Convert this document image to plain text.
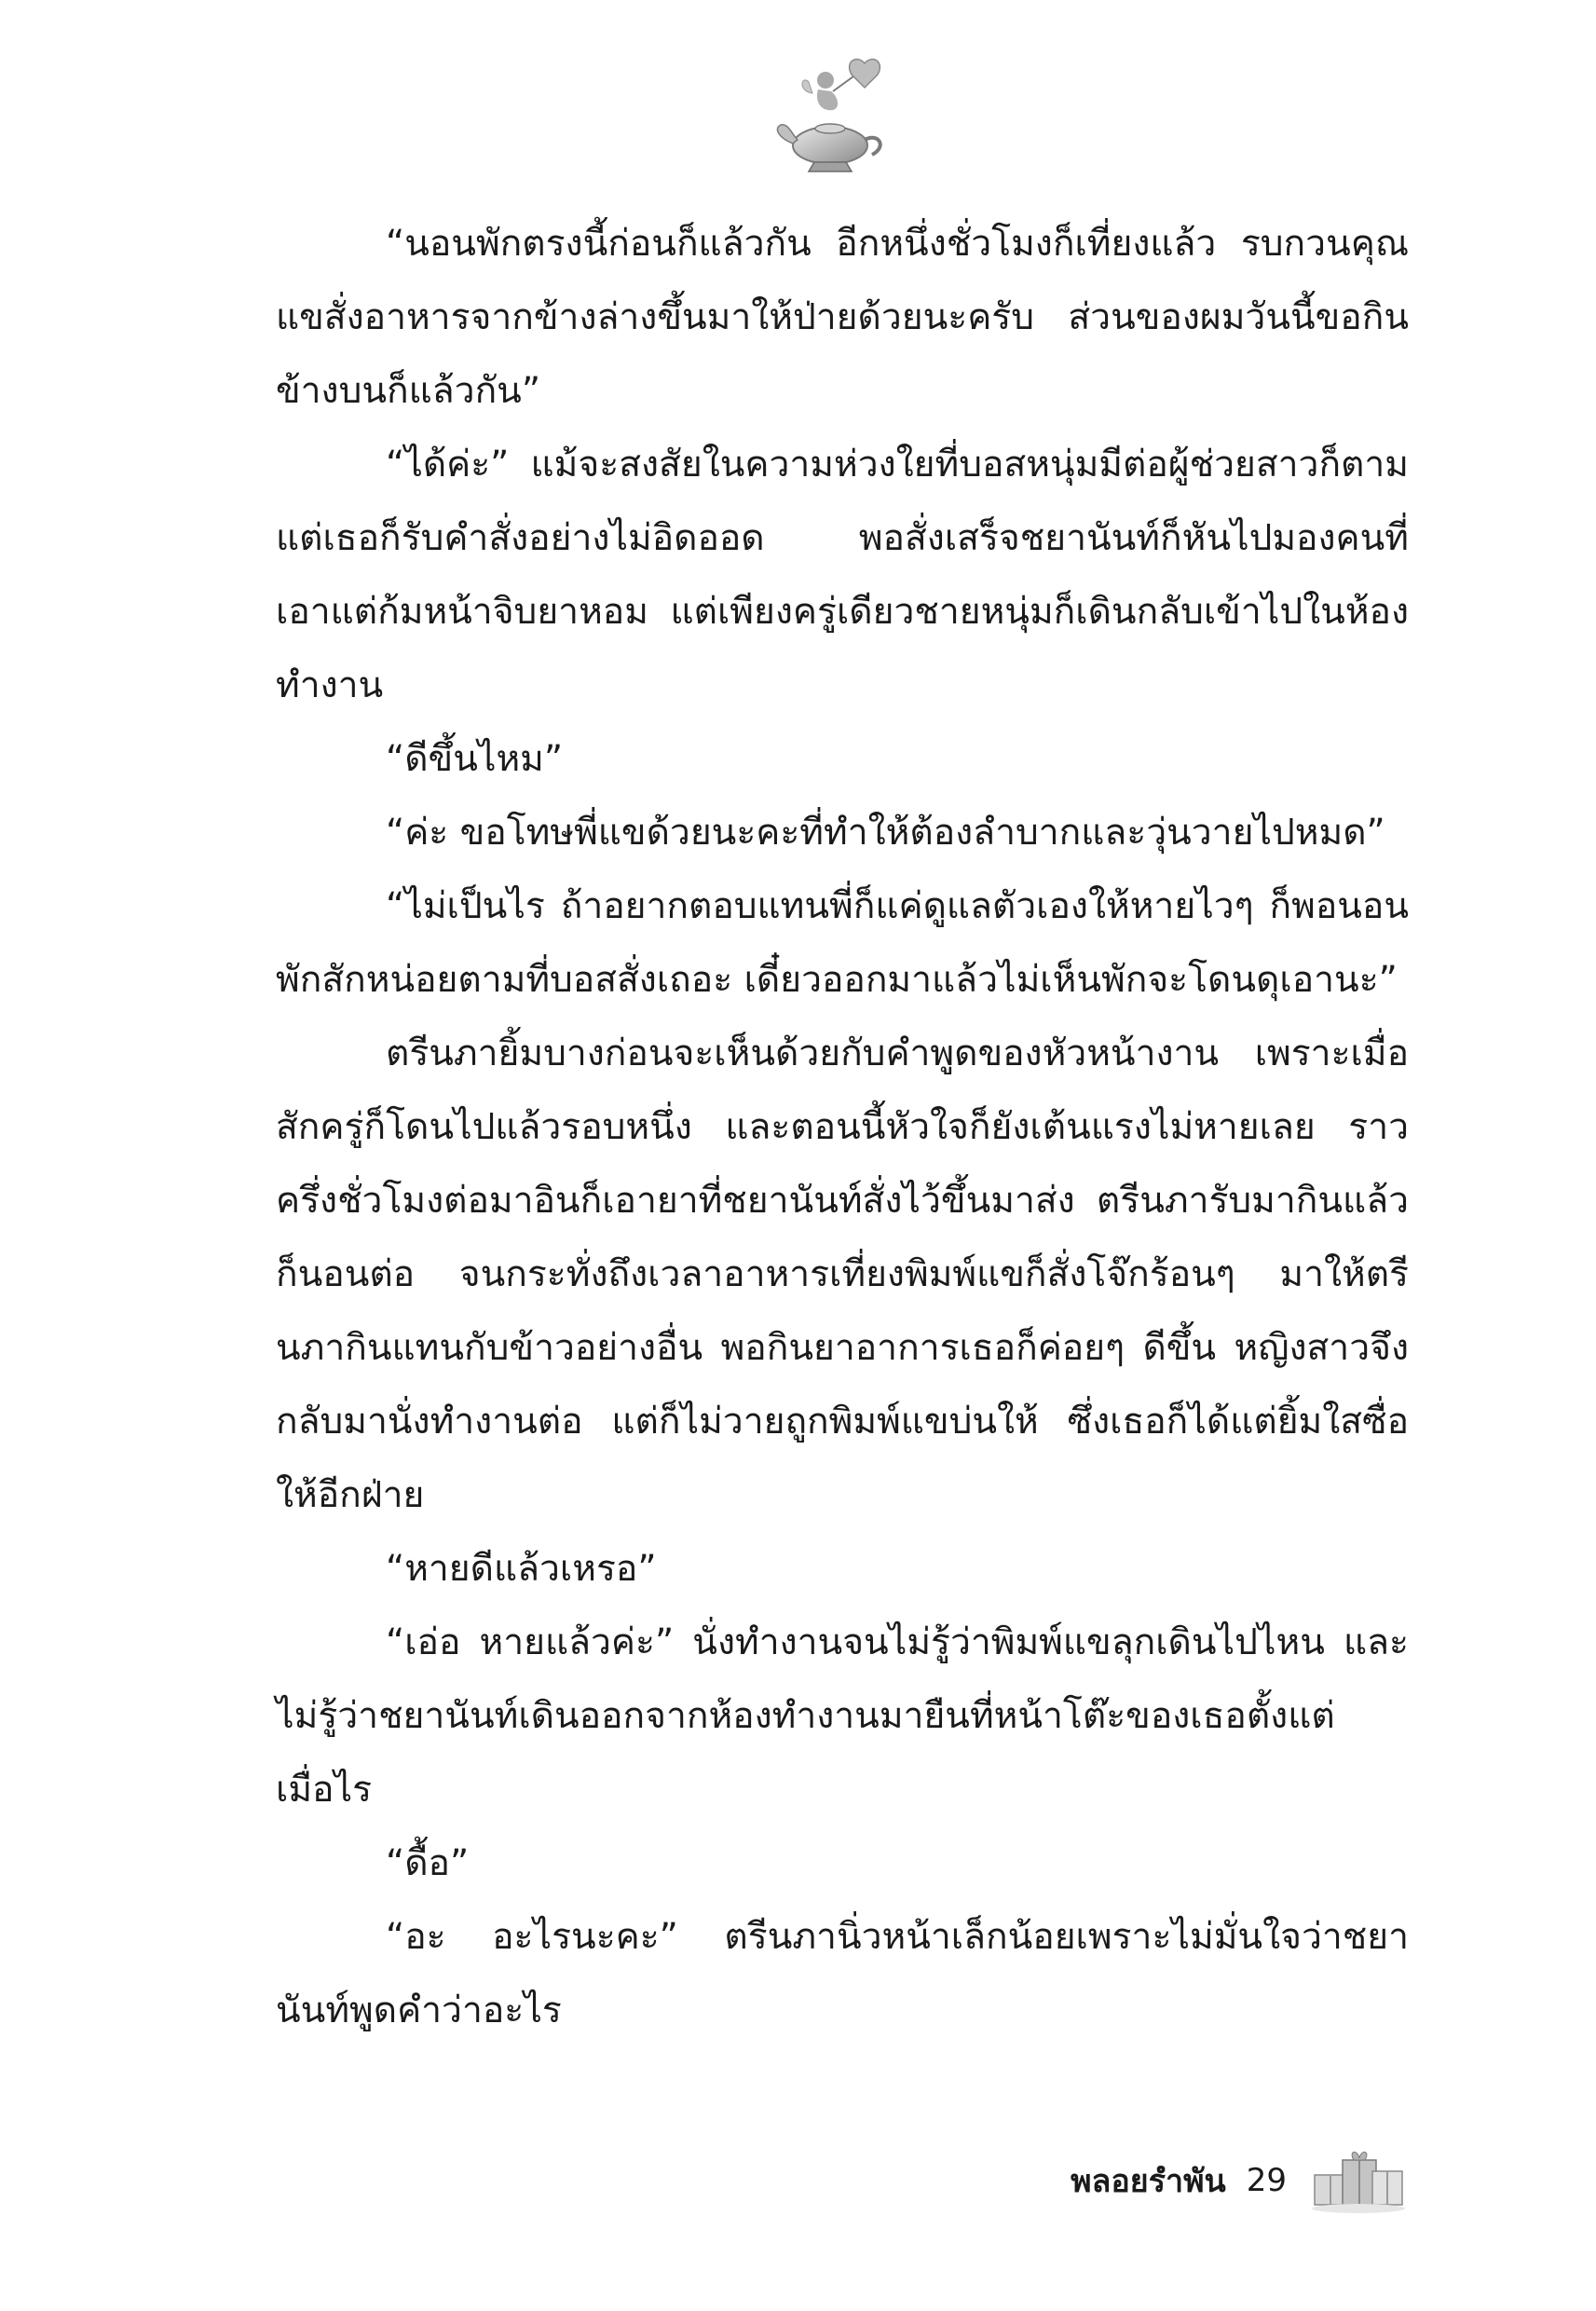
“นอนพักตรงนี้ก่อนก็แล้วกัน อีกหนึ่งชั่วโมงก็เที่ยงแล้ว รบกวนคุณแขสั่งอาหารจากข้างล่างขึ้นมาให้ป่ายด้วยนะครับ ส่วนของผมวันนี้ขอกินข้างบนก็แล้วกัน”

“ได้ค่ะ” แม้จะสงสัยในความห่วงใยที่บอสหนุ่มมีต่อผู้ช่วยสาวก็ตาม แต่เธอก็รับคำสั่งอย่างไม่อิดออด พอสั่งเสร็จชยานันท์ก็หันไปมองคนที่เอาแต่ก้มหน้าจิบยาหอม แต่เพียงครู่เดียวชายหนุ่มก็เดินกลับเข้าไปในห้องทำงาน

“ดีขึ้นไหม”

“ค่ะ ขอโทษพี่แขด้วยนะคะที่ทำให้ต้องลำบากและวุ่นวายไปหมด”

“ไม่เป็นไร ถ้าอยากตอบแทนพี่ก็แค่ดูแลตัวเองให้หายไวๆ ก็พอนอนพักสักหน่อยตามที่บอสสั่งเถอะ เดี๋ยวออกมาแล้วไม่เห็นพักจะโดนดุเอานะ”

ตรีนภายิ้มบางก่อนจะเห็นด้วยกับคำพูดของหัวหน้างาน เพราะเมื่อสักครู่ก็โดนไปแล้วรอบหนึ่ง และตอนนี้หัวใจก็ยังเต้นแรงไม่หายเลย ราวครึ่งชั่วโมงต่อมาอินก็เอายาที่ชยานันท์สั่งไว้ขึ้นมาส่ง ตรีนภารับมากินแล้วก็นอนต่อ จนกระทั่งถึงเวลาอาหารเที่ยงพิมพ์แขก็สั่งโจ๊กร้อนๆ มาให้ตรีนภากินแทนกับข้าวอย่างอื่น พอกินยาอาการเธอก็ค่อยๆ ดีขึ้น หญิงสาวจึงกลับมานั่งทำงานต่อ แต่ก็ไม่วายถูกพิมพ์แขบ่นให้ ซึ่งเธอก็ได้แต่ยิ้มใสซื่อให้อีกฝ่าย

“หายดีแล้วเหรอ”

“เอ่อ หายแล้วค่ะ” นั่งทำงานจนไม่รู้ว่าพิมพ์แขลุกเดินไปไหน และไม่รู้ว่าชยานันท์เดินออกจากห้องทำงานมายืนที่หน้าโต๊ะของเธอตั้งแต่เมื่อไร

“ดื้อ”

“อะ อะไรนะคะ” ตรีนภานิ่วหน้าเล็กน้อยเพราะไม่มั่นใจว่าชยานันท์พูดคำว่าอะไร

พลอยรำพัน 29
